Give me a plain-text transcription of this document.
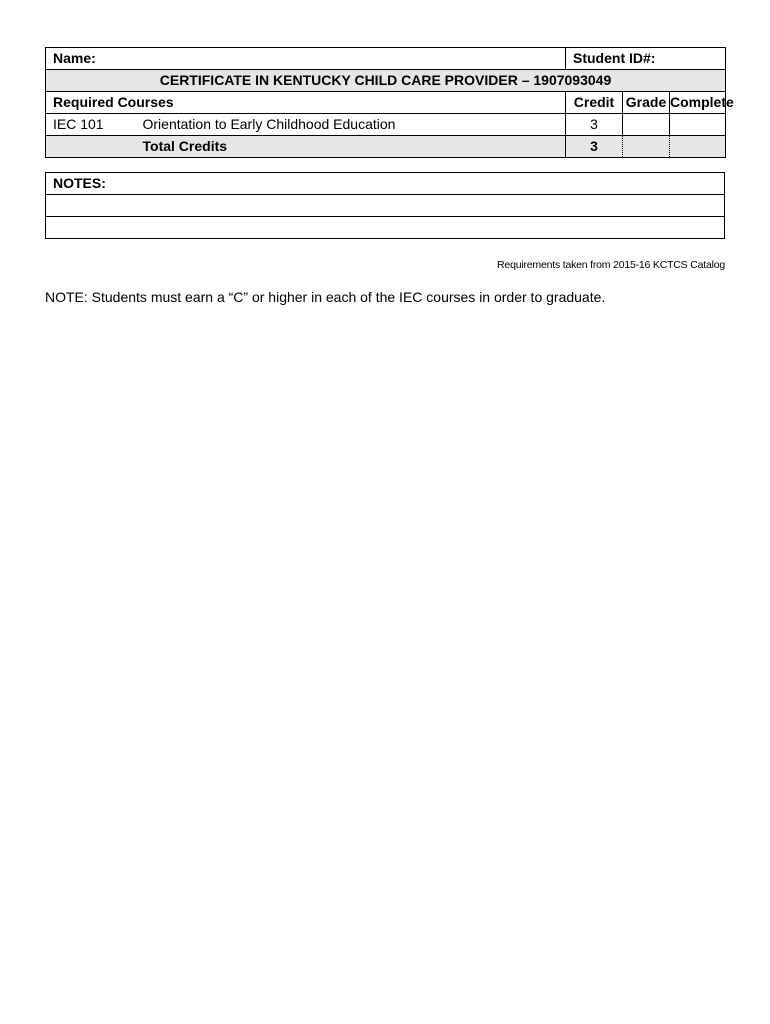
Name:		Student ID#:		
CERTIFICATE IN KENTUCKY CHILD CARE PROVIDER – 1907093049				
Required Courses		Credit	Grade	Complete
IEC 101	Orientation to Early Childhood Education	3		
	Total Credits	3		
NOTES:

Requirements taken from 2015-16 KCTCS Catalog
NOTE: Students must earn a “C” or higher in each of the IEC courses in order to graduate.
